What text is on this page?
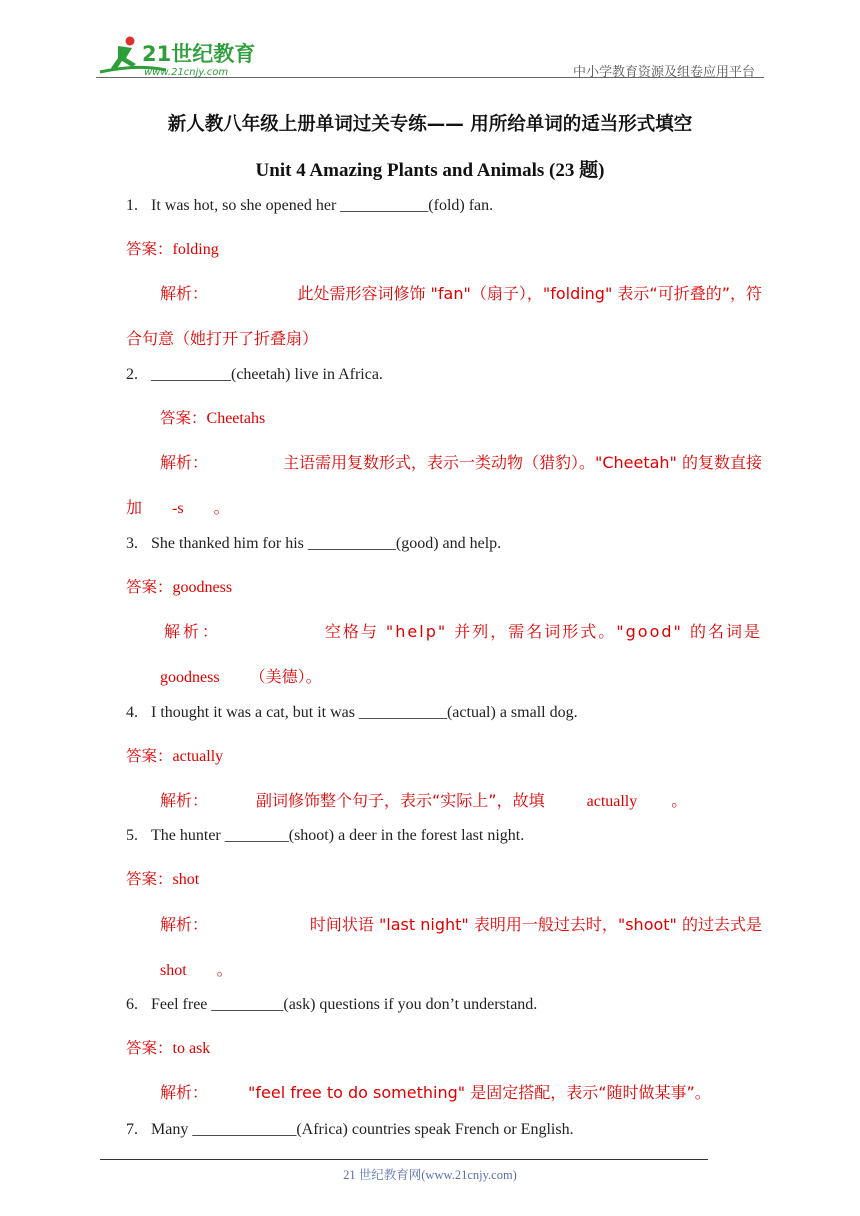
21世纪教育
www.21cnjy.com	中小学教育资源及组卷应用平台
新人教八年级上册单词过关专练—— 用所给单词的适当形式填空
Unit 4 Amazing Plants and Animals (23 题)
1. It was hot, so she opened her ___________(fold) fan.
答案：folding
解析：	此处需形容词修饰 "fan"（扇子），"folding" 表示“可折叠的”，符
合句意（她打开了折叠扇）
2. __________(cheetah) live in Africa.
答案：Cheetahs
解析：	主语需用复数形式，表示一类动物（猎豹）。"Cheetah" 的复数直接
加 -s 。
3. She thanked him for his ___________(good) and help.
答案：goodness
解析：	空格与 "help" 并列，需名词形式。"good" 的名词是
goodness （美德）。
4. I thought it was a cat, but it was ___________(actual) a small dog.
答案：actually
解析：	副词修饰整个句子，表示“实际上”，故填	actually 。
5. The hunter ________(shoot) a deer in the forest last night.
答案：shot
解析：	时间状语 "last night" 表明用一般过去时，"shoot" 的过去式是
shot 。
6. Feel free _________(ask) questions if you don’t understand.
答案：to ask
解析：	"feel free to do something" 是固定搭配，表示“随时做某事”。
7. Many _____________(Africa) countries speak French or English.
21 世纪教育网(www.21cnjy.com)
